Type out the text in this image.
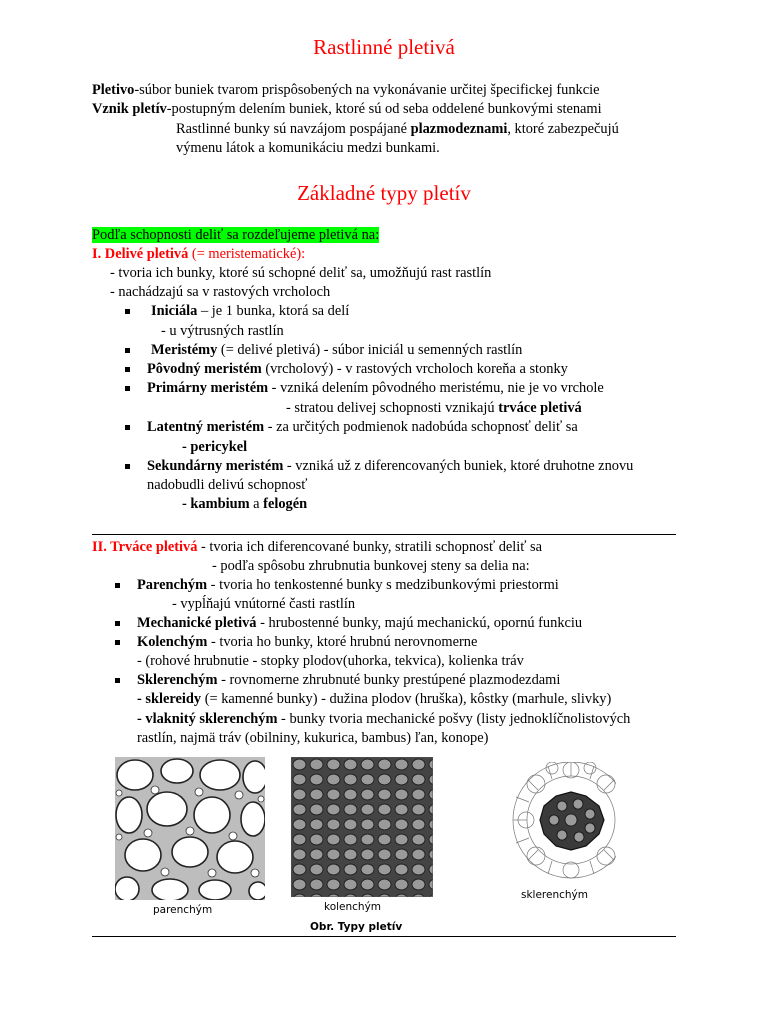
Rastlinné pletivá
Pletivo-súbor buniek tvarom prispôsobených na vykonávanie určitej špecifickej funkcie
Vznik pletív-postupným delením buniek, ktoré sú od seba oddelené bunkovými stenami
Rastlinné bunky sú navzájom pospájané plazmodeznami, ktoré zabezpečujú
výmenu látok a komunikáciu medzi bunkami.
Základné typy pletív
Podľa schopnosti deliť sa rozdeľujeme pletivá na:
I. Delivé pletivá (= meristematické):
- tvoria ich bunky, ktoré sú schopné deliť sa, umožňujú rast rastlín
- nachádzajú sa v rastových vrcholoch
Iniciála – je 1 bunka, ktorá sa delí
- u výtrusných rastlín
Meristémy (= delivé pletivá) - súbor iniciál u semenných rastlín
Pôvodný meristém (vrcholový) - v rastových vrcholoch koreňa a stonky
Primárny meristém - vzniká delením pôvodného meristému, nie je vo vrchole
- stratou delivej schopnosti vznikajú trváce pletivá
Latentný meristém - za určitých podmienok nadobúda schopnosť deliť sa
- pericykel
Sekundárny meristém - vzniká už z diferencovaných buniek, ktoré druhotne znovu
nadobudli delivú schopnosť
- kambium a felogén
II. Trváce pletivá - tvoria ich diferencované bunky, stratili schopnosť deliť sa
- podľa spôsobu zhrubnutia bunkovej steny sa delia na:
Parenchým - tvoria ho tenkostenné bunky s medzibunkovými priestormi
- vypĺňajú vnútorné časti rastlín
Mechanické pletivá - hrubostenné bunky, majú mechanickú, opornú funkciu
Kolenchým - tvoria ho bunky, ktoré hrubnú nerovnomerne
- (rohové hrubnutie - stopky plodov(uhorka, tekvica), kolienka tráv
Sklerenchým - rovnomerne zhrubnuté bunky prestúpené plazmodezdami
- sklereidy (= kamenné bunky) - dužina plodov (hruška), kôstky (marhule, slivky)
- vlaknitý sklerenchým - bunky tvoria mechanické pošvy (listy jednoklíčnolistových
rastlín, najmä tráv (obilniny, kukurica, bambus) ľan, konope)
parenchým	kolenchým
sklerenchým
Obr. Typy pletív
